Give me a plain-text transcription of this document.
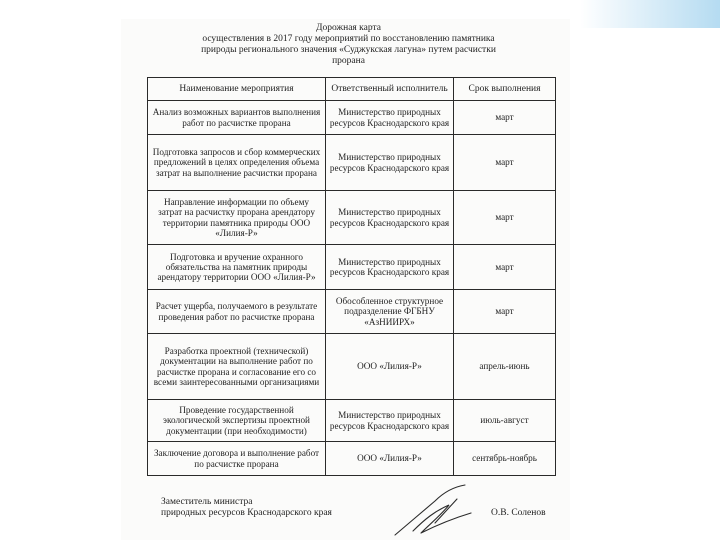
Дорожная карта
осуществления в 2017 году мероприятий по восстановлению памятника
природы регионального значения «Суджукская лагуна» путем расчистки
прорана
Наименование мероприятия	Ответственный исполнитель	Срок выполнения
Анализ возможных вариантов выполнения работ по расчистке прорана	Министерство природных ресурсов Краснодарского края	март
Подготовка запросов и сбор коммерческих предложений в целях определения объема затрат на выполнение расчистки прорана	Министерство природных ресурсов Краснодарского края	март
Направление информации по объему затрат на расчистку прорана арендатору территории памятника природы ООО «Лилия-Р»	Министерство природных ресурсов Краснодарского края	март
Подготовка и вручение охранного обязательства на памятник природы арендатору территории ООО «Лилия-Р»	Министерство природных ресурсов Краснодарского края	март
Расчет ущерба, получаемого в результате проведения работ по расчистке прорана	Обособленное структурное подразделение ФГБНУ «АзНИИРХ»	март
Разработка проектной (технической) документации на выполнение работ по расчистке прорана и согласование его со всеми заинтересованными организациями	ООО «Лилия-Р»	апрель-июнь
Проведение государственной экологической экспертизы проектной документации (при необходимости)	Министерство природных ресурсов Краснодарского края	июль-август
Заключение договора и выполнение работ по расчистке прорана	ООО «Лилия-Р»	сентябрь-ноябрь
Заместитель министра
природных ресурсов Краснодарского края	О.В. Соленов
